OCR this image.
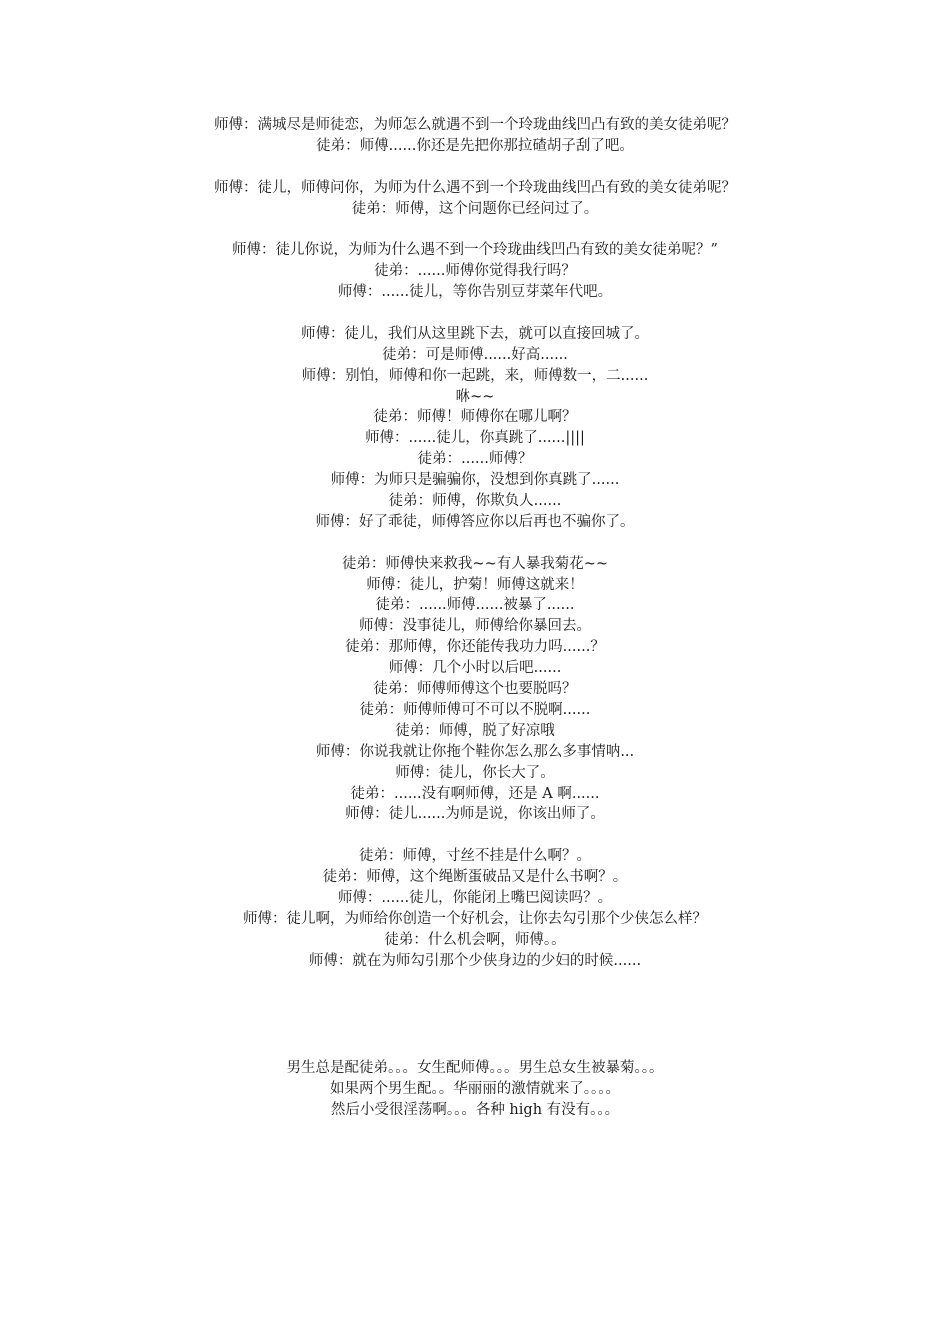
师傅：满城尽是师徒恋，为师怎么就遇不到一个玲珑曲线凹凸有致的美女徒弟呢？
徒弟：师傅......你还是先把你那拉碴胡子刮了吧。
师傅：徒儿，师傅问你，为师为什么遇不到一个玲珑曲线凹凸有致的美女徒弟呢？
徒弟：师傅，这个问题你已经问过了。
师傅：徒儿你说，为师为什么遇不到一个玲珑曲线凹凸有致的美女徒弟呢？”
徒弟：......师傅你觉得我行吗？
师傅：......徒儿，等你告别豆芽菜年代吧。
师傅：徒儿，我们从这里跳下去，就可以直接回城了。
徒弟：可是师傅......好高......
师傅：别怕，师傅和你一起跳，来，师傅数一，二......
咻~~
徒弟：师傅！师傅你在哪儿啊？
师傅：......徒儿，你真跳了......||||
徒弟：......师傅？
师傅：为师只是骗骗你，没想到你真跳了......
徒弟：师傅，你欺负人......
师傅：好了乖徒，师傅答应你以后再也不骗你了。
徒弟：师傅快来救我~~有人暴我菊花~~
师傅：徒儿，护菊！师傅这就来！
徒弟：......师傅......被暴了......
师傅：没事徒儿，师傅给你暴回去。
徒弟：那师傅，你还能传我功力吗......？
师傅：几个小时以后吧......
徒弟：师傅师傅这个也要脱吗？
徒弟：师傅师傅可不可以不脱啊......
徒弟：师傅，脱了好凉哦
师傅：你说我就让你拖个鞋你怎么那么多事情呐...
师傅：徒儿，你长大了。
徒弟：......没有啊师傅，还是 A 啊......
师傅：徒儿......为师是说，你该出师了。
徒弟：师傅，寸丝不挂是什么啊？。
徒弟：师傅，这个绳断蛋破品又是什么书啊？。
师傅：......徒儿，你能闭上嘴巴阅读吗？。
师傅：徒儿啊，为师给你创造一个好机会，让你去勾引那个少侠怎么样？
徒弟：什么机会啊，师傅。。
师傅：就在为师勾引那个少侠身边的少妇的时候......
男生总是配徒弟。。。女生配师傅。。。男生总女生被暴菊。。。
如果两个男生配。。华丽丽的激情就来了。。。。
然后小受很淫荡啊。。。各种 high 有没有。。。
